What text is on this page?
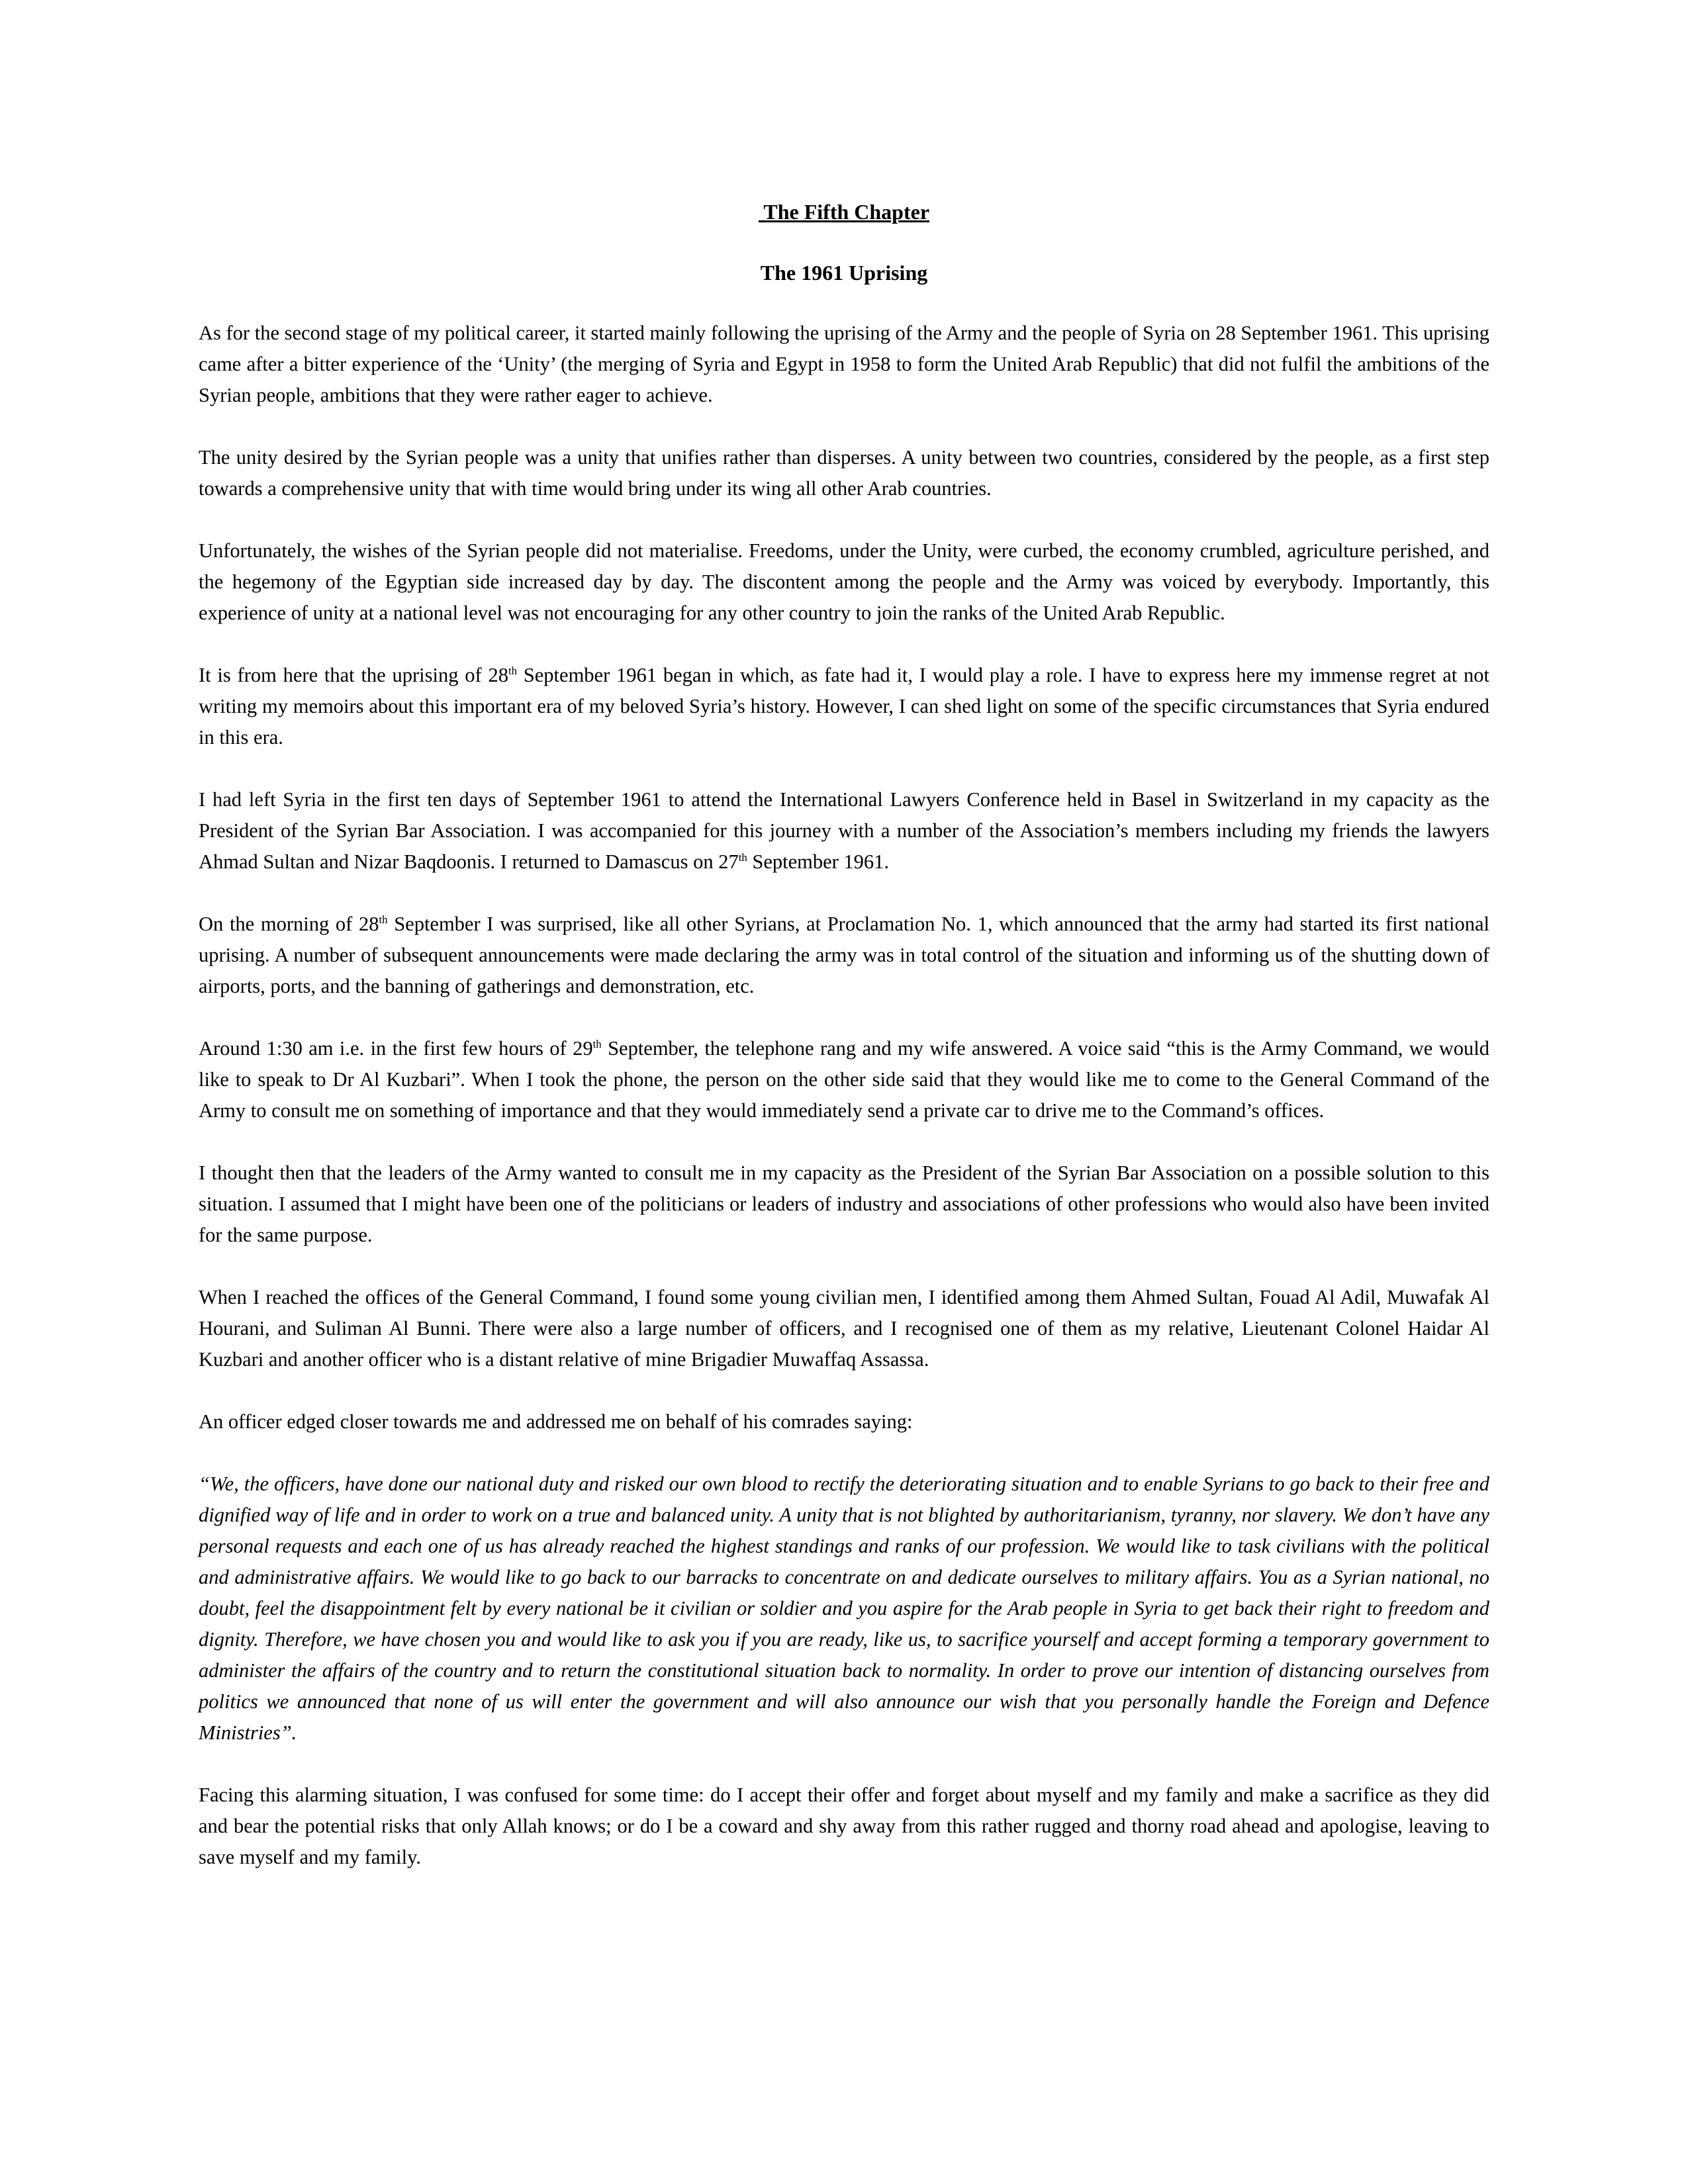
The Fifth Chapter
The 1961 Uprising

As for the second stage of my political career, it started mainly following the uprising of the Army and the people of Syria on 28 September 1961. This uprising came after a bitter experience of the ‘Unity’ (the merging of Syria and Egypt in 1958 to form the United Arab Republic) that did not fulfil the ambitions of the Syrian people, ambitions that they were rather eager to achieve.

The unity desired by the Syrian people was a unity that unifies rather than disperses. A unity between two countries, considered by the people, as a first step towards a comprehensive unity that with time would bring under its wing all other Arab countries.

Unfortunately, the wishes of the Syrian people did not materialise. Freedoms, under the Unity, were curbed, the economy crumbled, agriculture perished, and the hegemony of the Egyptian side increased day by day. The discontent among the people and the Army was voiced by everybody. Importantly, this experience of unity at a national level was not encouraging for any other country to join the ranks of the United Arab Republic.

It is from here that the uprising of 28th September 1961 began in which, as fate had it, I would play a role. I have to express here my immense regret at not writing my memoirs about this important era of my beloved Syria’s history. However, I can shed light on some of the specific circumstances that Syria endured in this era.

I had left Syria in the first ten days of September 1961 to attend the International Lawyers Conference held in Basel in Switzerland in my capacity as the President of the Syrian Bar Association. I was accompanied for this journey with a number of the Association’s members including my friends the lawyers Ahmad Sultan and Nizar Baqdoonis. I returned to Damascus on 27th September 1961.

On the morning of 28th September I was surprised, like all other Syrians, at Proclamation No. 1, which announced that the army had started its first national uprising. A number of subsequent announcements were made declaring the army was in total control of the situation and informing us of the shutting down of airports, ports, and the banning of gatherings and demonstration, etc.

Around 1:30 am i.e. in the first few hours of 29th September, the telephone rang and my wife answered. A voice said “this is the Army Command, we would like to speak to Dr Al Kuzbari”. When I took the phone, the person on the other side said that they would like me to come to the General Command of the Army to consult me on something of importance and that they would immediately send a private car to drive me to the Command’s offices.

I thought then that the leaders of the Army wanted to consult me in my capacity as the President of the Syrian Bar Association on a possible solution to this situation. I assumed that I might have been one of the politicians or leaders of industry and associations of other professions who would also have been invited for the same purpose.

When I reached the offices of the General Command, I found some young civilian men, I identified among them Ahmed Sultan, Fouad Al Adil, Muwafak Al Hourani, and Suliman Al Bunni. There were also a large number of officers, and I recognised one of them as my relative, Lieutenant Colonel Haidar Al Kuzbari and another officer who is a distant relative of mine Brigadier Muwaffaq Assassa.

An officer edged closer towards me and addressed me on behalf of his comrades saying:

“We, the officers, have done our national duty and risked our own blood to rectify the deteriorating situation and to enable Syrians to go back to their free and dignified way of life and in order to work on a true and balanced unity. A unity that is not blighted by authoritarianism, tyranny, nor slavery. We don’t have any personal requests and each one of us has already reached the highest standings and ranks of our profession. We would like to task civilians with the political and administrative affairs. We would like to go back to our barracks to concentrate on and dedicate ourselves to military affairs. You as a Syrian national, no doubt, feel the disappointment felt by every national be it civilian or soldier and you aspire for the Arab people in Syria to get back their right to freedom and dignity. Therefore, we have chosen you and would like to ask you if you are ready, like us, to sacrifice yourself and accept forming a temporary government to administer the affairs of the country and to return the constitutional situation back to normality. In order to prove our intention of distancing ourselves from politics we announced that none of us will enter the government and will also announce our wish that you personally handle the Foreign and Defence Ministries”.

Facing this alarming situation, I was confused for some time: do I accept their offer and forget about myself and my family and make a sacrifice as they did and bear the potential risks that only Allah knows; or do I be a coward and shy away from this rather rugged and thorny road ahead and apologise, leaving to save myself and my family.
